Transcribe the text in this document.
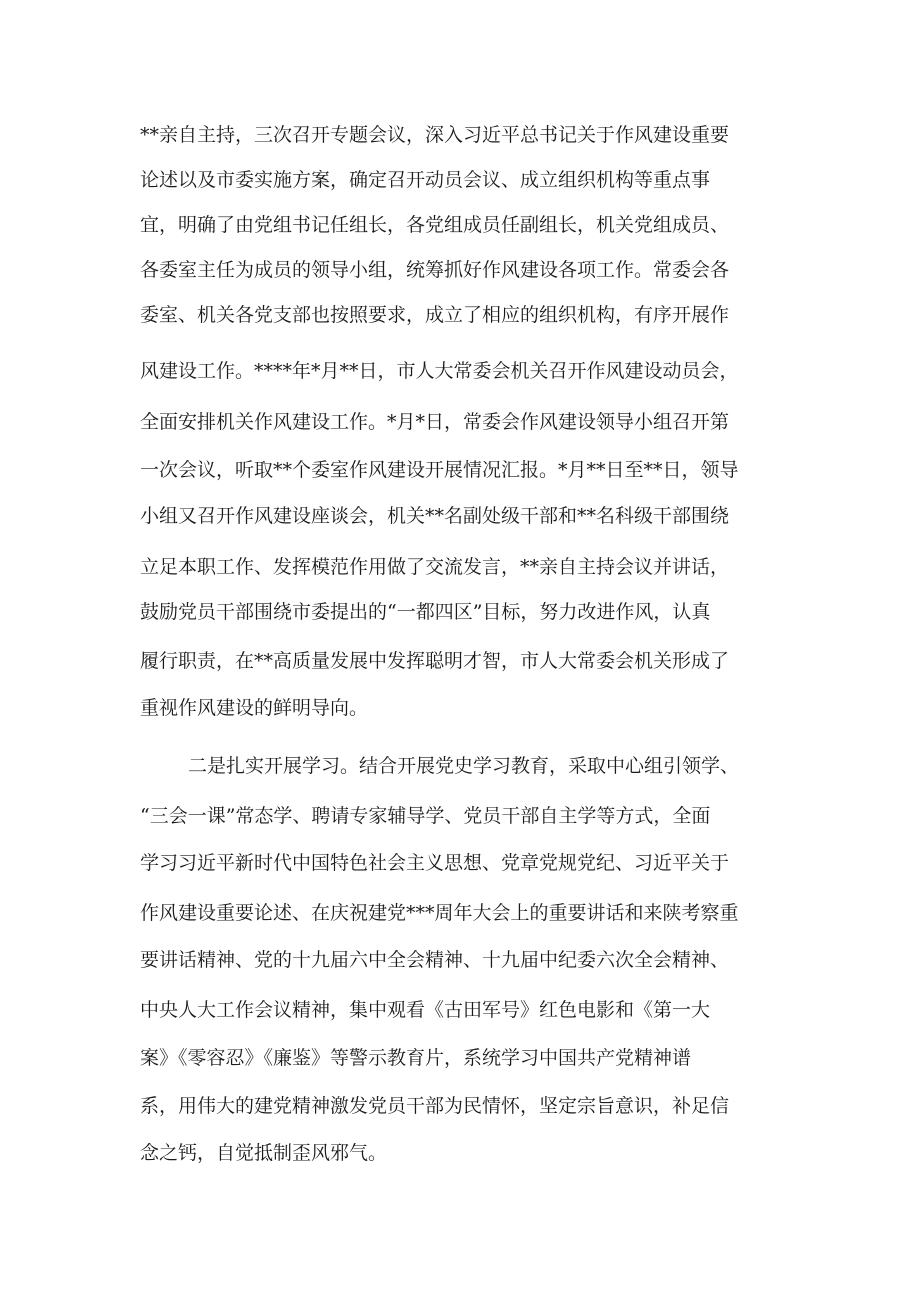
**亲自主持，三次召开专题会议，深入习近平总书记关于作风建设重要
论述以及市委实施方案，确定召开动员会议、成立组织机构等重点事
宜，明确了由党组书记任组长，各党组成员任副组长，机关党组成员、
各委室主任为成员的领导小组，统筹抓好作风建设各项工作。常委会各
委室、机关各党支部也按照要求，成立了相应的组织机构，有序开展作
风建设工作。****年*月**日，市人大常委会机关召开作风建设动员会，
全面安排机关作风建设工作。*月*日，常委会作风建设领导小组召开第
一次会议，听取**个委室作风建设开展情况汇报。*月**日至**日，领导
小组又召开作风建设座谈会，机关**名副处级干部和**名科级干部围绕
立足本职工作、发挥模范作用做了交流发言，**亲自主持会议并讲话，
鼓励党员干部围绕市委提出的“一都四区”目标，努力改进作风，认真
履行职责，在**高质量发展中发挥聪明才智，市人大常委会机关形成了
重视作风建设的鲜明导向。
二是扎实开展学习。结合开展党史学习教育，采取中心组引领学、
“三会一课”常态学、聘请专家辅导学、党员干部自主学等方式，全面
学习习近平新时代中国特色社会主义思想、党章党规党纪、习近平关于
作风建设重要论述、在庆祝建党***周年大会上的重要讲话和来陕考察重
要讲话精神、党的十九届六中全会精神、十九届中纪委六次全会精神、
中央人大工作会议精神，集中观看《古田军号》红色电影和《第一大
案》《零容忍》《廉鉴》等警示教育片，系统学习中国共产党精神谱
系，用伟大的建党精神激发党员干部为民情怀，坚定宗旨意识，补足信
念之钙，自觉抵制歪风邪气。
